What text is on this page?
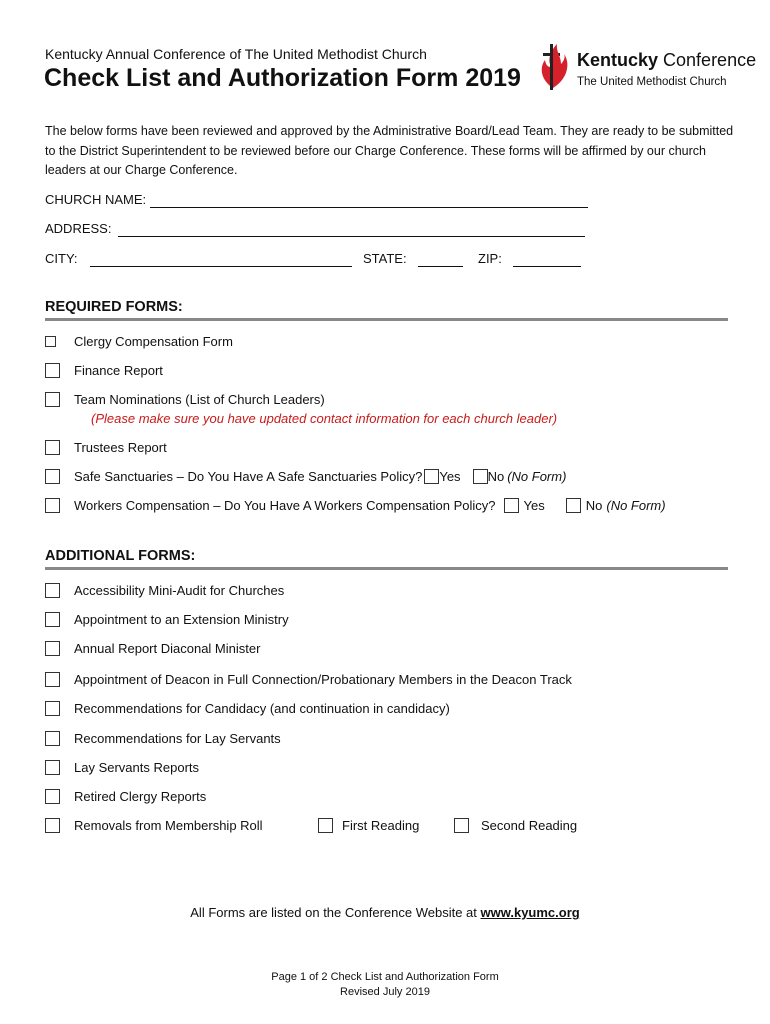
Kentucky Annual Conference of The United Methodist Church
Check List and Authorization Form 2019
Kentucky Conference
The United Methodist Church
The below forms have been reviewed and approved by the Administrative Board/Lead Team. They are ready to be submitted to the District Superintendent to be reviewed before our Charge Conference. These forms will be affirmed by our church leaders at our Charge Conference.
CHURCH NAME:
ADDRESS:
CITY:	STATE:	ZIP:
REQUIRED FORMS:
Clergy Compensation Form
Finance Report
Team Nominations (List of Church Leaders)
(Please make sure you have updated contact information for each church leader)
Trustees Report
Safe Sanctuaries – Do You Have A Safe Sanctuaries Policy? Yes No (No Form)
Workers Compensation – Do You Have A Workers Compensation Policy? Yes	No (No Form)
ADDITIONAL FORMS:
Accessibility Mini-Audit for Churches
Appointment to an Extension Ministry
Annual Report Diaconal Minister
Appointment of Deacon in Full Connection/Probationary Members in the Deacon Track
Recommendations for Candidacy (and continuation in candidacy)
Recommendations for Lay Servants
Lay Servants Reports
Retired Clergy Reports
Removals from Membership Roll	First Reading	Second Reading
All Forms are listed on the Conference Website at www.kyumc.org
Page 1 of 2 Check List and Authorization Form
Revised July 2019
